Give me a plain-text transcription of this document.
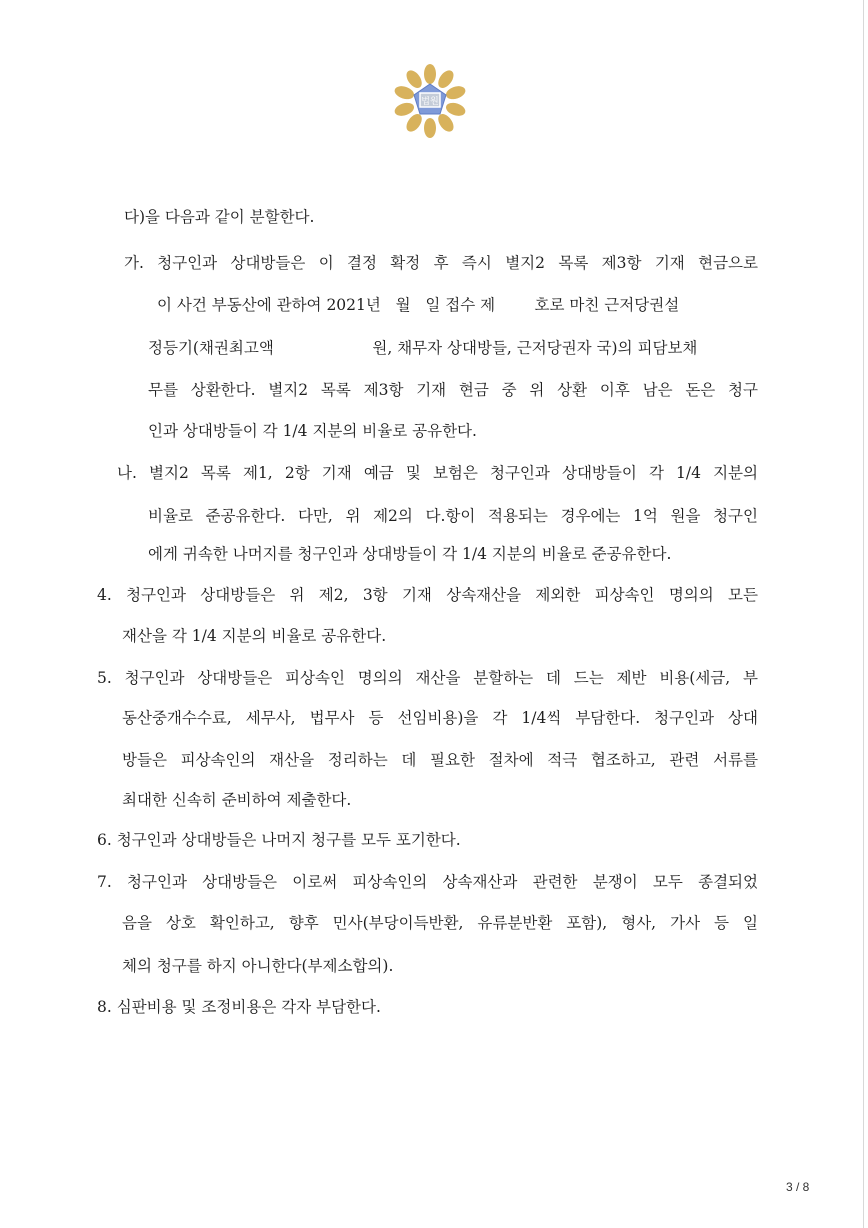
법원
다)을 다음과 같이 분할한다.
가. 청구인과 상대방들은 이 결정 확정 후 즉시 별지2 목록 제3항 기재 현금으로
이 사건 부동산에 관하여 2021년   월   일 접수 제        호로 마친 근저당권설
정등기(채권최고액                    원, 채무자 상대방들, 근저당권자 국)의 피담보채
무를 상환한다. 별지2 목록 제3항 기재 현금 중 위 상환 이후 남은 돈은 청구
인과 상대방들이 각 1/4 지분의 비율로 공유한다.
나. 별지2 목록 제1, 2항 기재 예금 및 보험은 청구인과 상대방들이 각 1/4 지분의
비율로 준공유한다. 다만, 위 제2의 다.항이 적용되는 경우에는 1억 원을 청구인
에게 귀속한 나머지를 청구인과 상대방들이 각 1/4 지분의 비율로 준공유한다.
4. 청구인과 상대방들은 위 제2, 3항 기재 상속재산을 제외한 피상속인 명의의 모든
재산을 각 1/4 지분의 비율로 공유한다.
5. 청구인과 상대방들은 피상속인 명의의 재산을 분할하는 데 드는 제반 비용(세금, 부
동산중개수수료, 세무사, 법무사 등 선임비용)을 각 1/4씩 부담한다. 청구인과 상대
방들은 피상속인의 재산을 정리하는 데 필요한 절차에 적극 협조하고, 관련 서류를
최대한 신속히 준비하여 제출한다.
6. 청구인과 상대방들은 나머지 청구를 모두 포기한다.
7. 청구인과 상대방들은 이로써 피상속인의 상속재산과 관련한 분쟁이 모두 종결되었
음을 상호 확인하고, 향후 민사(부당이득반환, 유류분반환 포함), 형사, 가사 등 일
체의 청구를 하지 아니한다(부제소합의).
8. 심판비용 및 조정비용은 각자 부담한다.
3 / 8
